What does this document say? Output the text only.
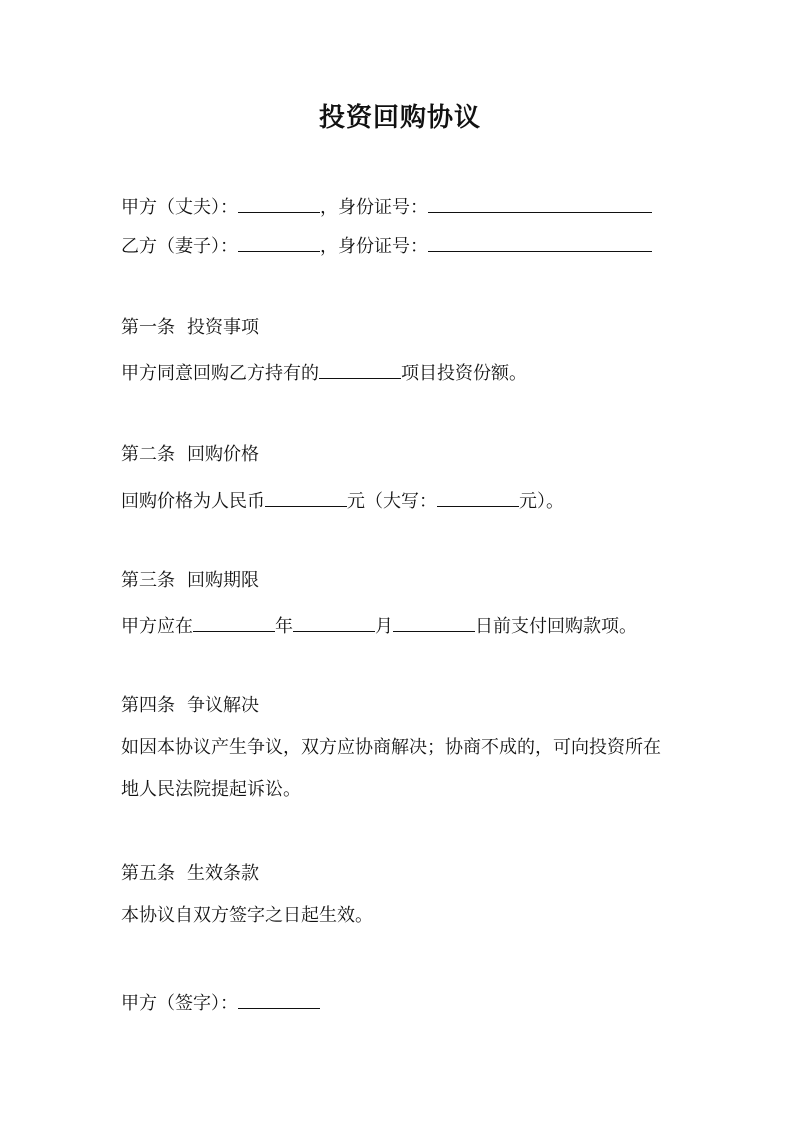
投资回购协议
甲方（丈夫）：	，身份证号：
乙方（妻子）：	，身份证号：
第一条 投资事项
甲方同意回购乙方持有的	项目投资份额。
第二条 回购价格
回购价格为人民币	元（大写：	元）。
第三条 回购期限
甲方应在	年	月	日前支付回购款项。
第四条 争议解决
如因本协议产生争议，双方应协商解决；协商不成的，可向投资所在
地人民法院提起诉讼。
第五条 生效条款
本协议自双方签字之日起生效。
甲方（签字）：
